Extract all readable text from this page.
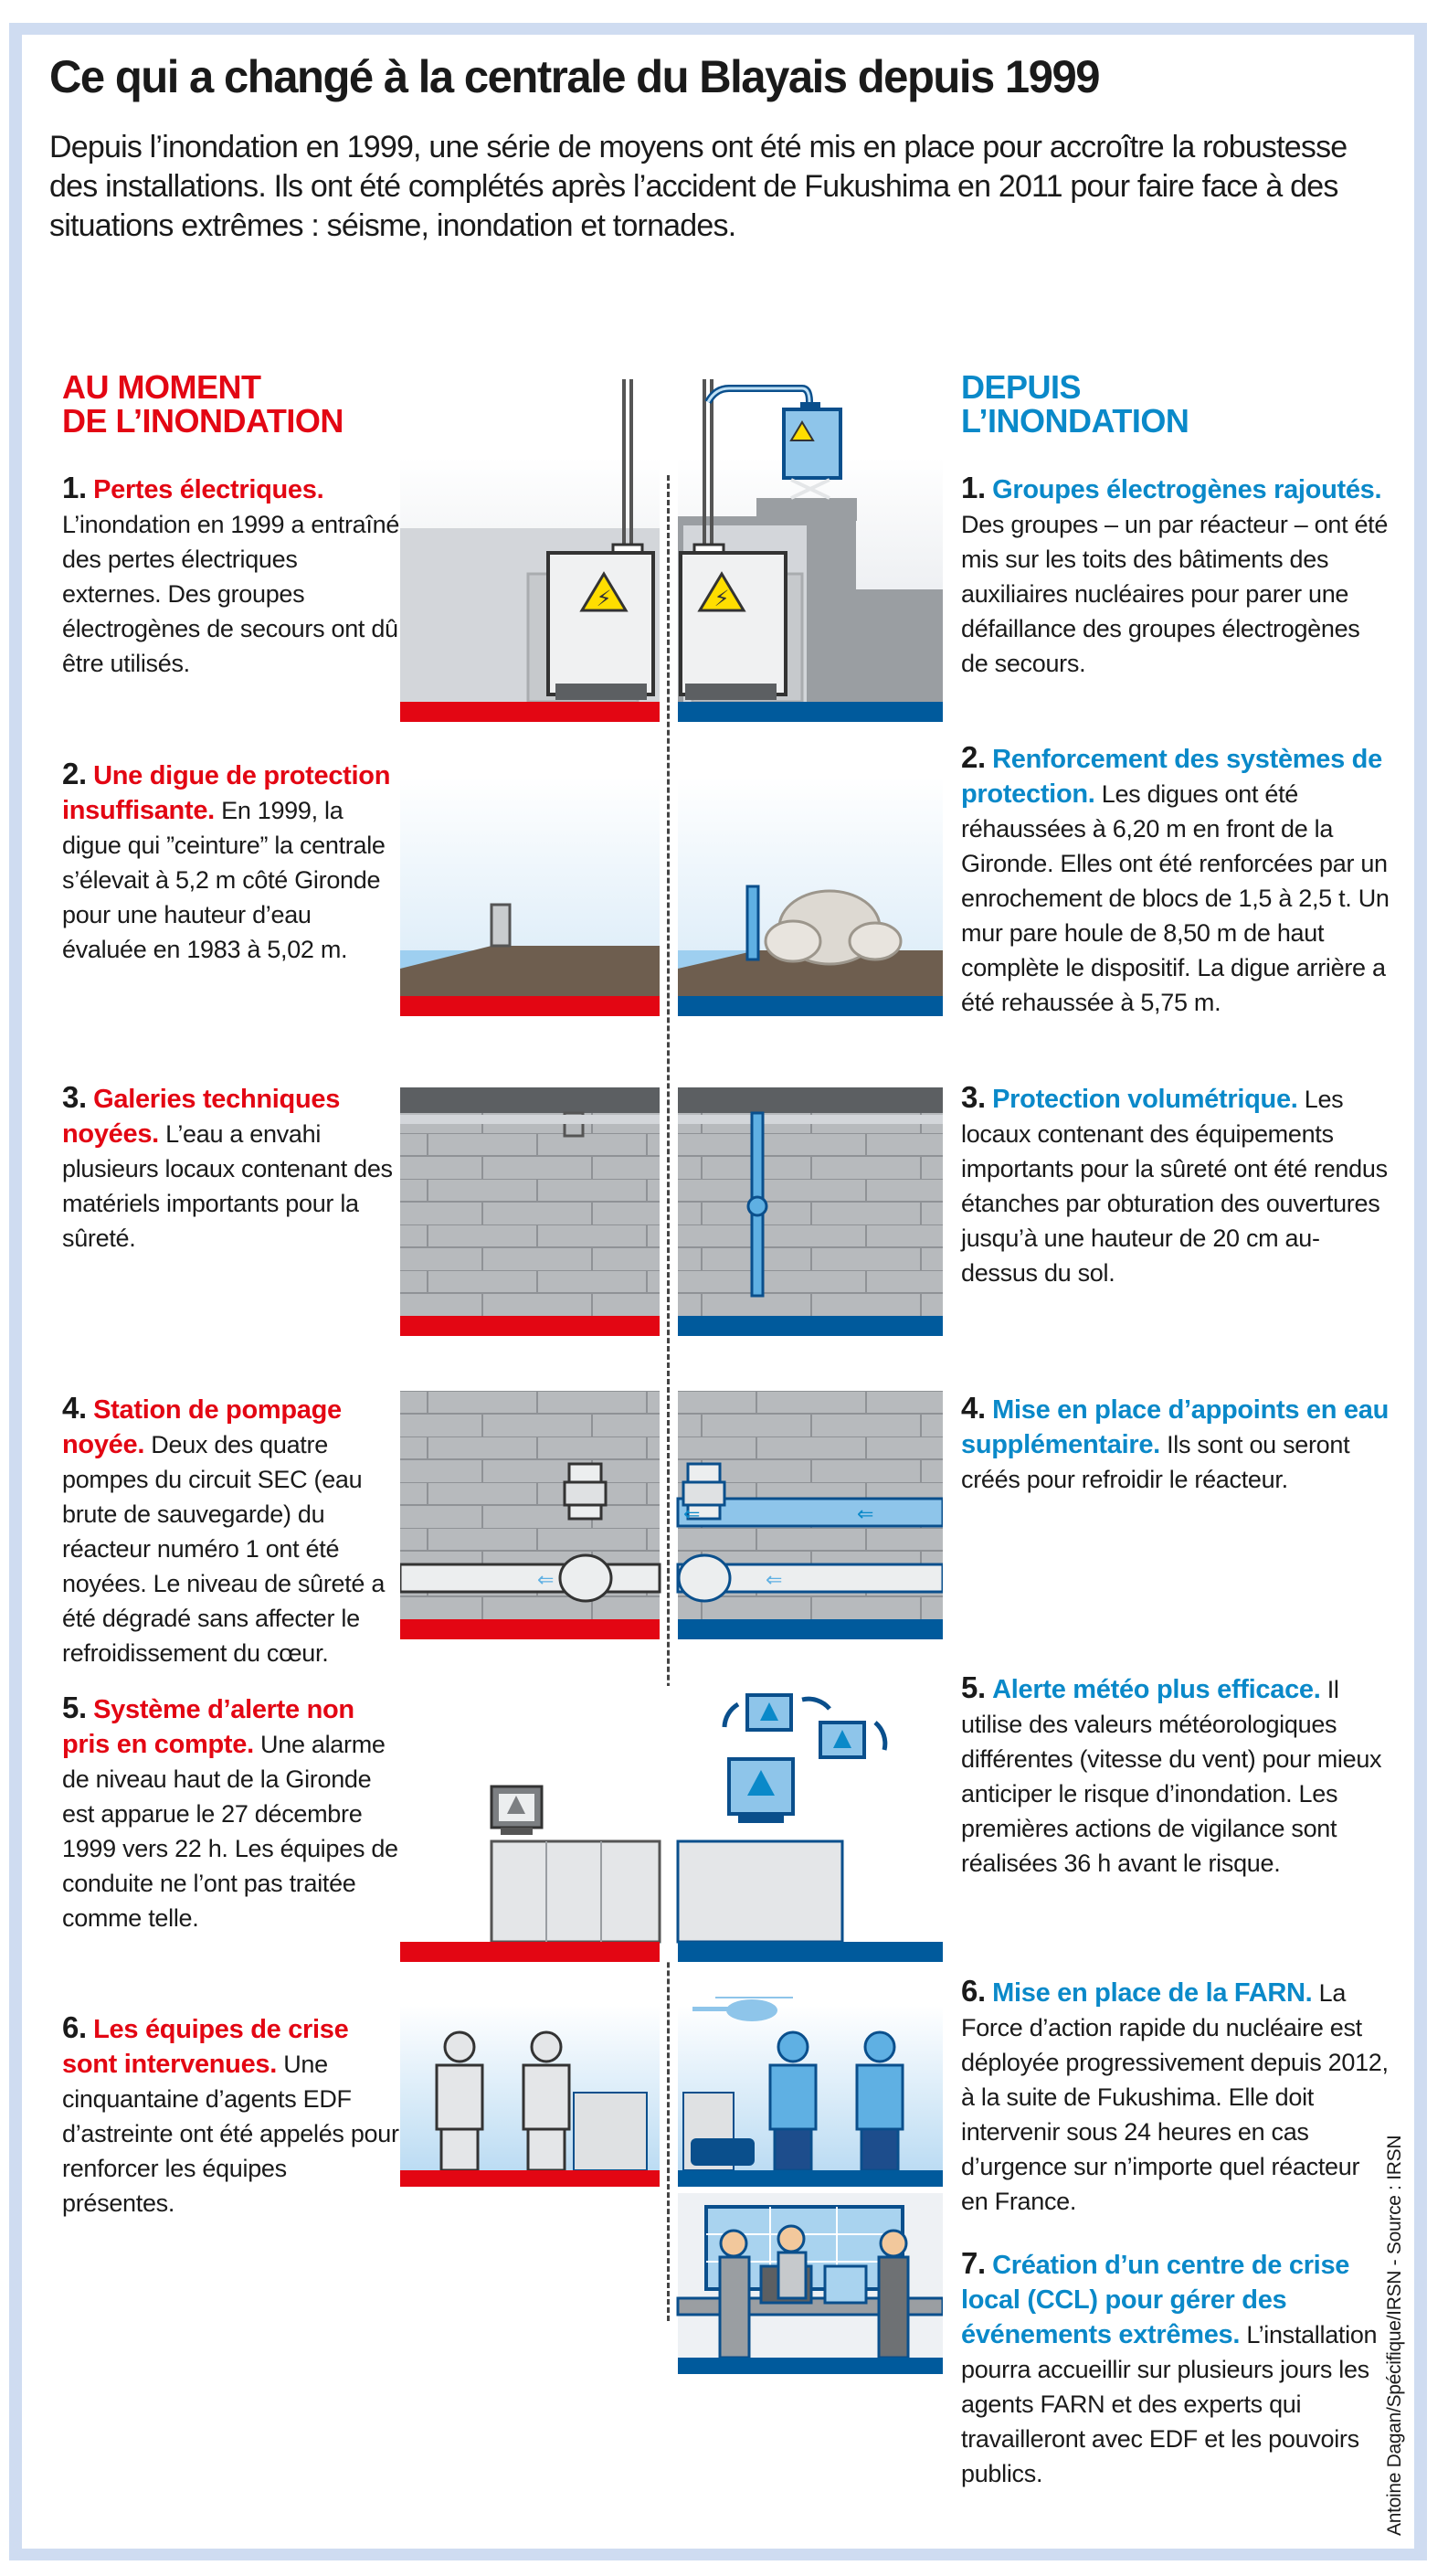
Ce qui a changé à la centrale du Blayais depuis 1999
Depuis l’inondation en 1999, une série de moyens ont été mis en place pour accroître la robustesse des installations. Ils ont été complétés après l’accident de Fukushima en 2011 pour faire face à des situations extrêmes : séisme, inondation et tornades.
AU MOMENT
DE L’INONDATION
DEPUIS
L’INONDATION
1. Pertes électriques. L’inondation en 1999 a entraîné des pertes électriques externes. Des groupes électrogènes de secours ont dû être utilisés.
2. Une digue de protection insuffisante. En 1999, la digue qui ”ceinture” la centrale s’élevait à 5,2 m côté Gironde pour une hauteur d’eau évaluée en 1983 à 5,02 m.
3. Galeries techniques noyées. L’eau a envahi plusieurs locaux contenant des matériels importants pour la sûreté.
4. Station de pompage noyée. Deux des quatre pompes du circuit SEC (eau brute de sauvegarde) du réacteur numéro 1 ont été noyées. Le niveau de sûreté a été dégradé sans affecter le refroidissement du cœur.
5. Système d’alerte non pris en compte. Une alarme de niveau haut de la Gironde est apparue le 27 décembre 1999 vers 22 h. Les équipes de conduite ne l’ont pas traitée comme telle.
6. Les équipes de crise sont intervenues. Une cinquantaine d’agents EDF d’astreinte ont été appelés pour renforcer les équipes présentes.
1. Groupes électrogènes rajoutés. Des groupes – un par réacteur – ont été mis sur les toits des bâtiments des auxiliaires nucléaires pour parer une défaillance des groupes électrogènes de secours.
2. Renforcement des systèmes de protection. Les digues ont été réhaussées à 6,20 m en front de la Gironde. Elles ont été renforcées par un enrochement de blocs de 1,5 à 2,5 t. Un mur pare houle de 8,50 m de haut complète le dispositif. La digue arrière a été rehaussée à 5,75 m.
3. Protection volumétrique. Les locaux contenant des équipements importants pour la sûreté ont été rendus étanches par obturation des ouvertures jusqu’à une hauteur de 20 cm au-dessus du sol.
4. Mise en place d’appoints en eau supplémentaire. Ils sont ou seront créés pour refroidir le réacteur.
5. Alerte météo plus efficace. Il utilise des valeurs météorologiques différentes (vitesse du vent) pour mieux anticiper le risque d’inondation. Les premières actions de vigilance sont réalisées 36 h avant le risque.
6. Mise en place de la FARN. La Force d’action rapide du nucléaire est déployée progressivement depuis 2012, à la suite de Fukushima. Elle doit intervenir sous 24 heures en cas d’urgence sur n’importe quel réacteur en France.
7. Création d’un centre de crise local (CCL) pour gérer des événements extrêmes. L’installation pourra accueillir sur plusieurs jours les agents FARN et des experts qui travailleront avec EDF et les pouvoirs publics.
⚡	⚡
⇐
⇐	⇐
⇐
Antoine Dagan/Spécifique/IRSN - Source : IRSN
